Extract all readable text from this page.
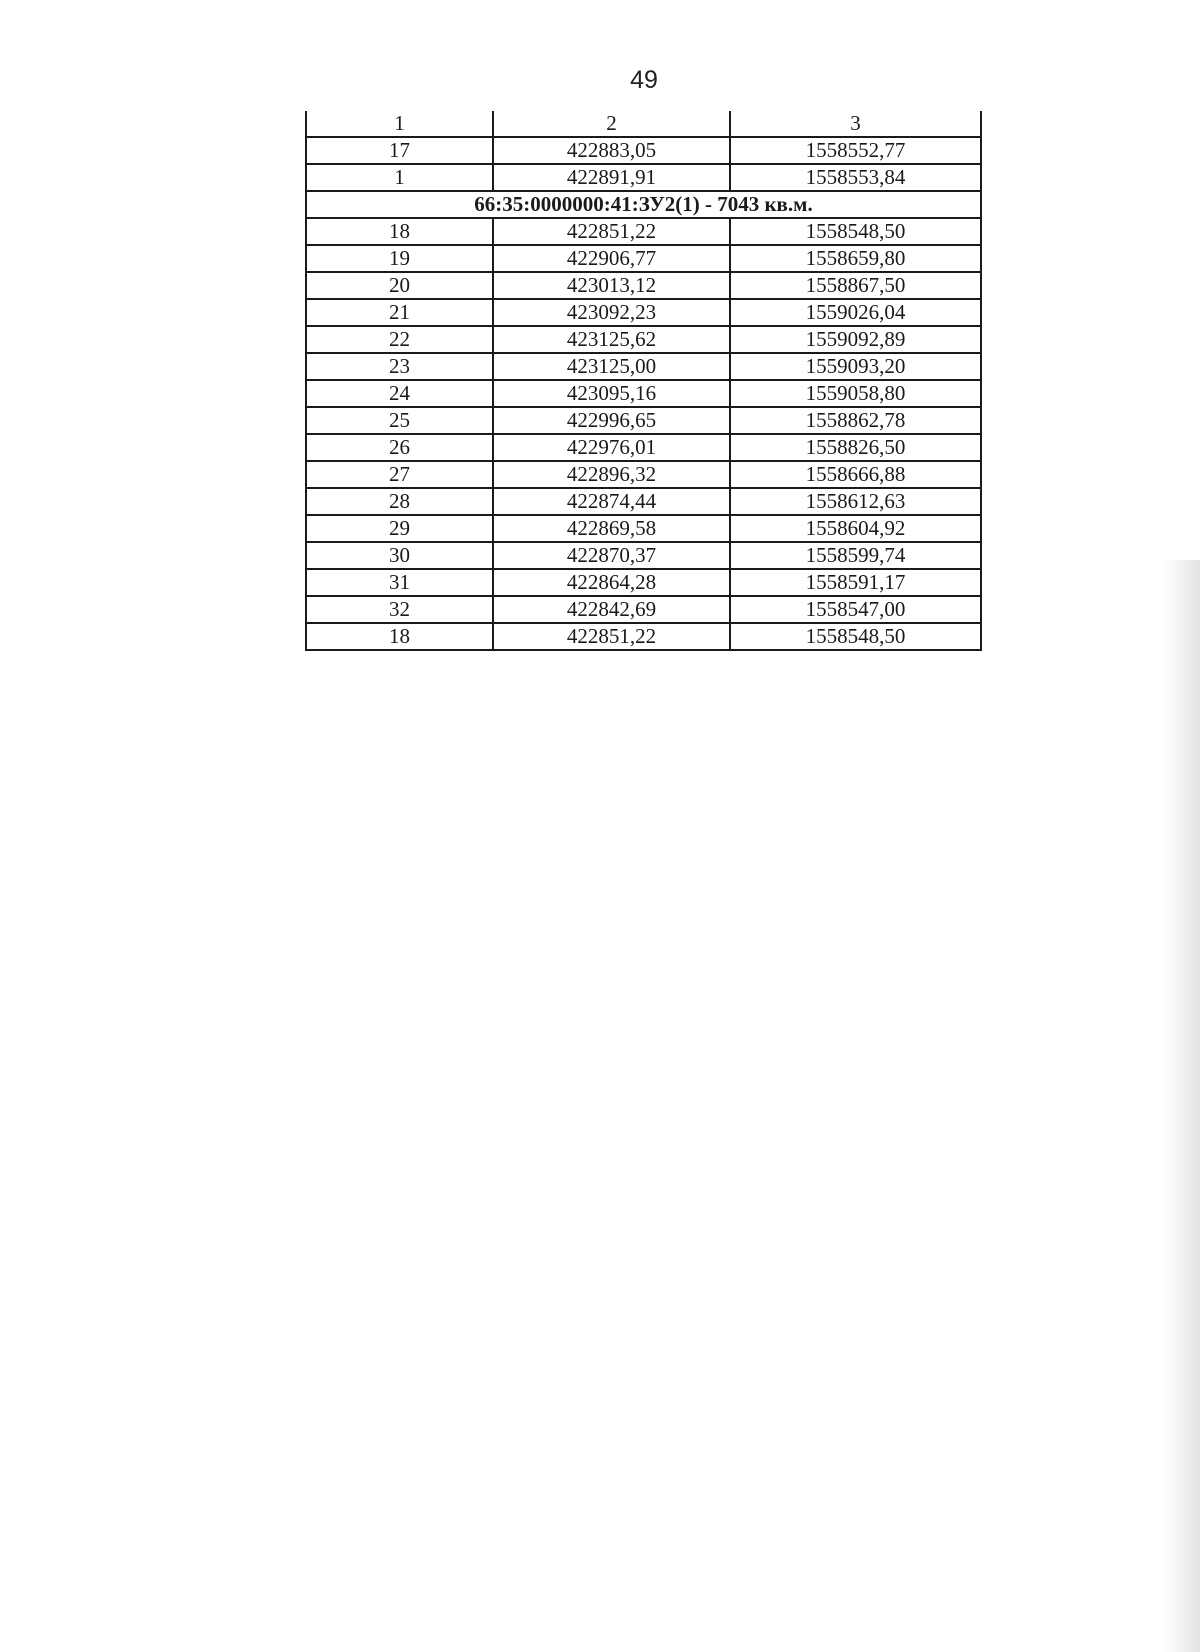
49
1	2	3
17	422883,05	1558552,77
1	422891,91	1558553,84
66:35:0000000:41:ЗУ2(1) - 7043 кв.м.		
18	422851,22	1558548,50
19	422906,77	1558659,80
20	423013,12	1558867,50
21	423092,23	1559026,04
22	423125,62	1559092,89
23	423125,00	1559093,20
24	423095,16	1559058,80
25	422996,65	1558862,78
26	422976,01	1558826,50
27	422896,32	1558666,88
28	422874,44	1558612,63
29	422869,58	1558604,92
30	422870,37	1558599,74
31	422864,28	1558591,17
32	422842,69	1558547,00
18	422851,22	1558548,50
